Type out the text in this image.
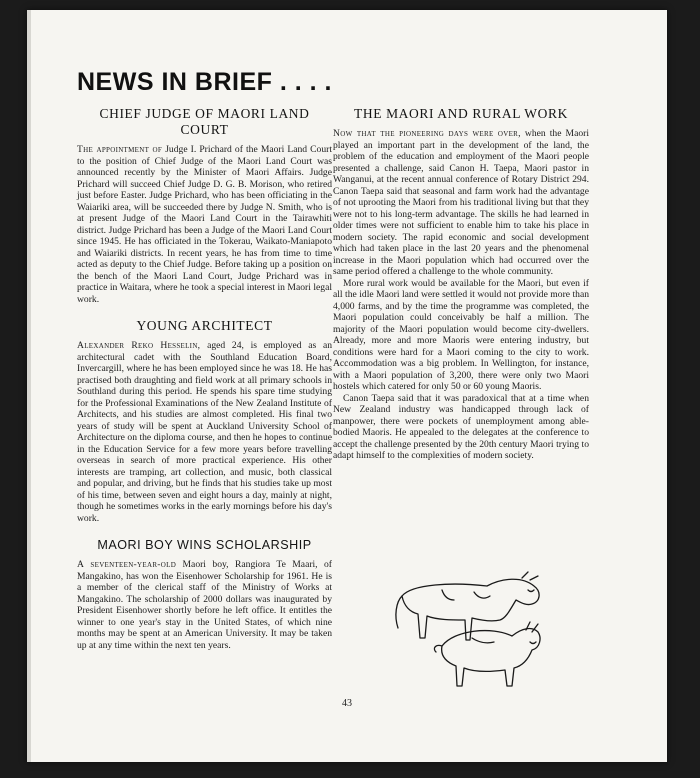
NEWS IN BRIEF . . . .
CHIEF JUDGE OF MAORI LAND COURT

The appointment of Judge I. Prichard of the Maori Land Court to the position of Chief Judge of the Maori Land Court was announced recently by the Minister of Maori Affairs. Judge Prichard will succeed Chief Judge D. G. B. Morison, who retired just before Easter. Judge Prichard, who has been officiating in the Waiariki area, will be succeeded there by Judge N. Smith, who is at present Judge of the Maori Land Court in the Tairawhiti district. Judge Prichard has been a Judge of the Maori Land Court since 1945. He has officiated in the Tokerau, Waikato-Maniapoto and Waiariki districts. In recent years, he has from time to time acted as deputy to the Chief Judge. Before taking up a position on the bench of the Maori Land Court, Judge Prichard was in practice in Waitara, where he took a special interest in Maori legal work.

YOUNG ARCHITECT

Alexander Reko Hesselin, aged 24, is employed as an architectural cadet with the Southland Education Board, Invercargill, where he has been employed since he was 18. He has practised both draughting and field work at all primary schools in Southland during this period. He spends his spare time studying for the Professional Examinations of the New Zealand Institute of Architects, and his studies are almost completed. His final two years of study will be spent at Auckland University School of Architecture on the diploma course, and then he hopes to continue in the Education Service for a few more years before travelling overseas in search of more practical experience. His other interests are tramping, art collection, and music, both classical and popular, and driving, but he finds that his studies take up most of his time, between seven and eight hours a day, mainly at night, though he sometimes works in the early mornings before his day's work.

MAORI BOY WINS SCHOLARSHIP

A seventeen-year-old Maori boy, Rangiora Te Maari, of Mangakino, has won the Eisenhower Scholarship for 1961. He is a member of the clerical staff of the Ministry of Works at Mangakino. The scholarship of 2000 dollars was inaugurated by President Eisenhower shortly before he left office. It entitles the winner to one year's stay in the United States, of which nine months may be spent at an American University. It may be taken up at any time within the next ten years.

THE MAORI AND RURAL WORK

Now that the pioneering days were over, when the Maori played an important part in the development of the land, the problem of the education and employment of the Maori people presented a challenge, said Canon H. Taepa, Maori pastor in Wanganui, at the recent annual conference of Rotary District 294. Canon Taepa said that seasonal and farm work had the advantage of not uprooting the Maori from his traditional living but that they were not to his long-term advantage. The skills he had learned in older times were not sufficient to enable him to take his place in modern society. The rapid economic and social development which had taken place in the last 20 years and the phenomenal increase in the Maori population which had occurred over the same period offered a challenge to the whole community.

More rural work would be available for the Maori, but even if all the idle Maori land were settled it would not provide more than 4,000 farms, and by the time the programme was completed, the Maori population could conceivably be half a million. The majority of the Maori population would become city-dwellers. Already, more and more Maoris were entering industry, but conditions were hard for a Maori coming to the city to work. Accommodation was a big problem. In Wellington, for instance, with a Maori population of 3,200, there were only two Maori hostels which catered for only 50 or 60 young Maoris.

Canon Taepa said that it was paradoxical that at a time when New Zealand industry was handicapped through lack of manpower, there were pockets of unemployment among able-bodied Maoris. He appealed to the delegates at the conference to accept the challenge presented by the 20th century Maori trying to adapt himself to the complexities of modern society.

43
